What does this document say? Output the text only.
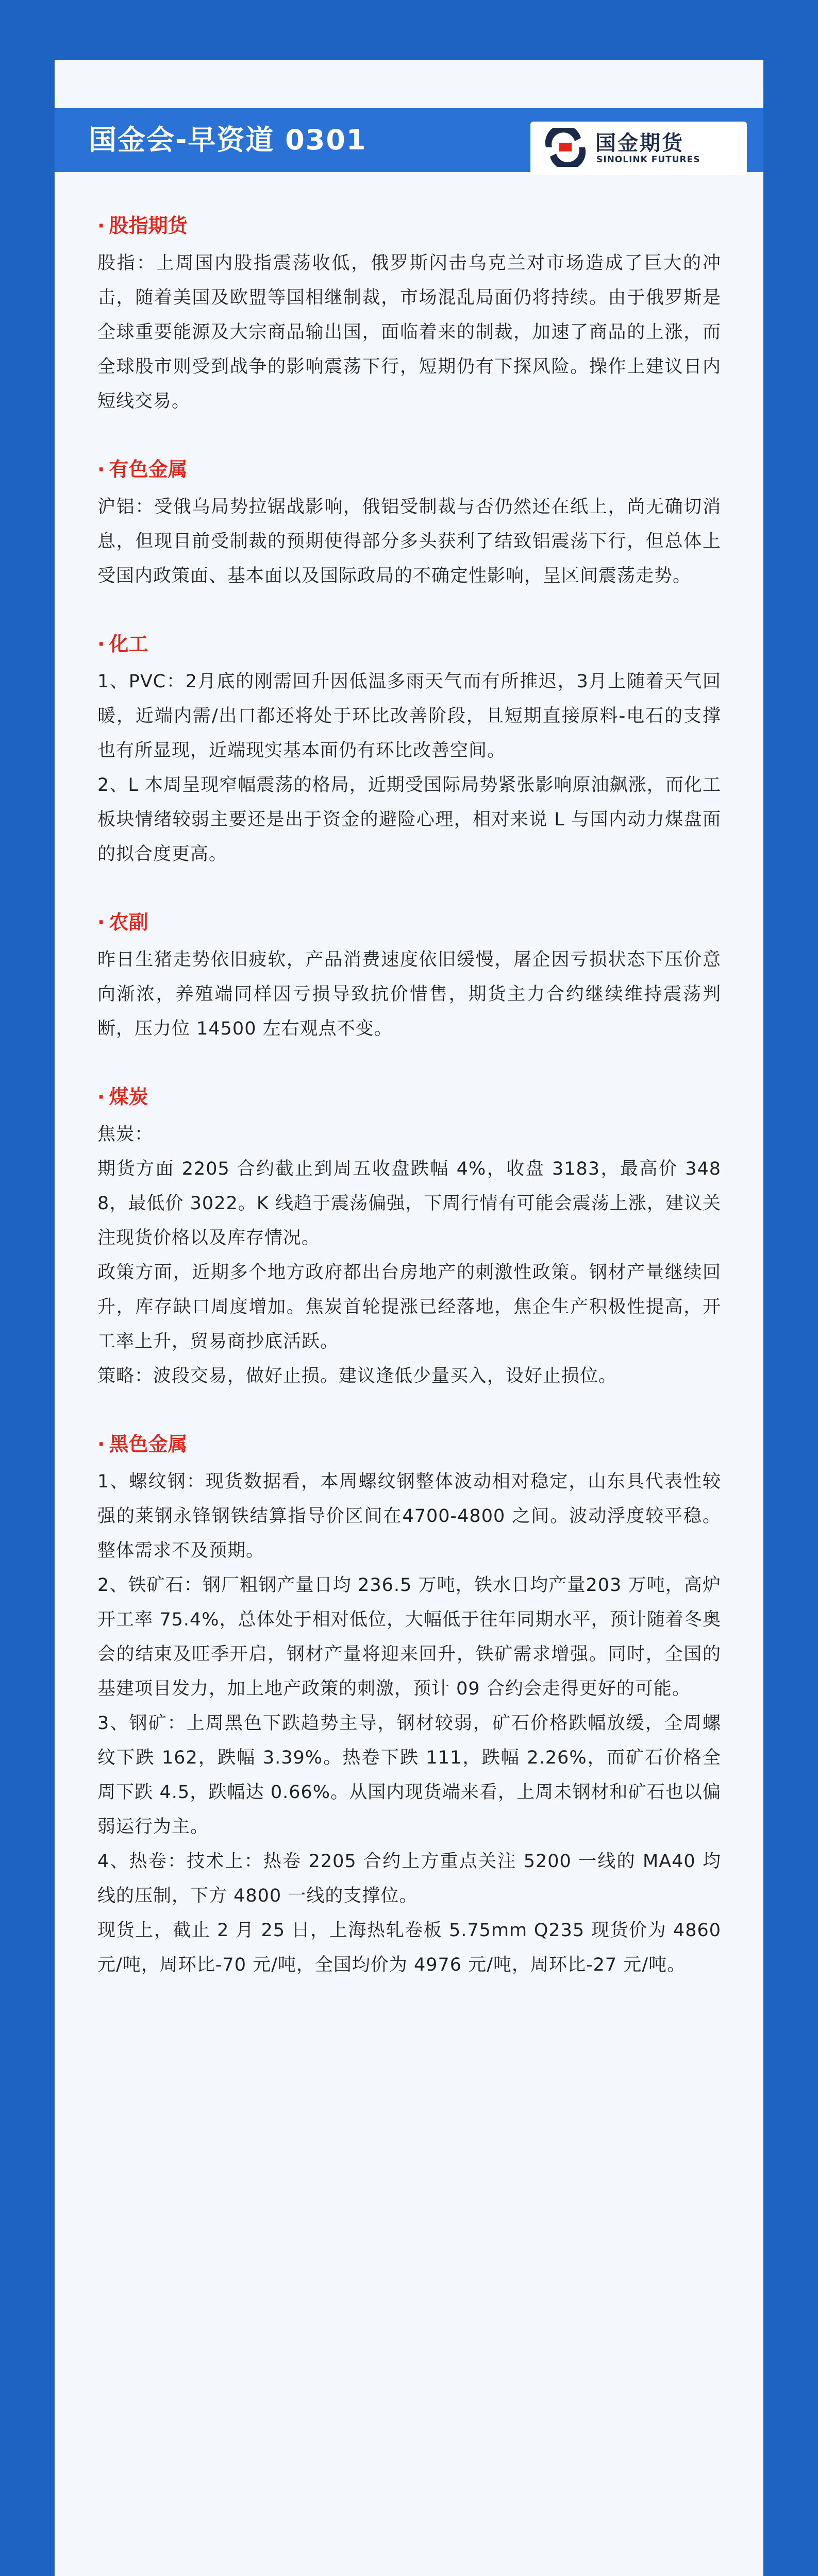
国金会-早资道 0301	国金期货
SINOLINK FUTURES
· 股指期货
股指：上周国内股指震荡收低，俄罗斯闪击乌克兰对市场造成了巨大的冲击，随着美国及欧盟等国相继制裁，市场混乱局面仍将持续。由于俄罗斯是全球重要能源及大宗商品输出国，面临着来的制裁，加速了商品的上涨，而全球股市则受到战争的影响震荡下行，短期仍有下探风险。操作上建议日内短线交易。
· 有色金属
沪铝：受俄乌局势拉锯战影响，俄铝受制裁与否仍然还在纸上，尚无确切消息，但现目前受制裁的预期使得部分多头获利了结致铝震荡下行，但总体上受国内政策面、基本面以及国际政局的不确定性影响，呈区间震荡走势。
· 化工
1、PVC：2月底的刚需回升因低温多雨天气而有所推迟，3月上随着天气回暖，近端内需/出口都还将处于环比改善阶段，且短期直接原料-电石的支撑也有所显现，近端现实基本面仍有环比改善空间。
2、L 本周呈现窄幅震荡的格局，近期受国际局势紧张影响原油飙涨，而化工板块情绪较弱主要还是出于资金的避险心理，相对来说 L 与国内动力煤盘面的拟合度更高。
· 农副
昨日生猪走势依旧疲软，产品消费速度依旧缓慢，屠企因亏损状态下压价意向渐浓，养殖端同样因亏损导致抗价惜售，期货主力合约继续维持震荡判断，压力位 14500 左右观点不变。
· 煤炭
焦炭：
期货方面 2205 合约截止到周五收盘跌幅 4%，收盘 3183，最高价 3488，最低价 3022。K 线趋于震荡偏强，下周行情有可能会震荡上涨，建议关注现货价格以及库存情况。
政策方面，近期多个地方政府都出台房地产的刺激性政策。钢材产量继续回升，库存缺口周度增加。焦炭首轮提涨已经落地，焦企生产积极性提高，开工率上升，贸易商抄底活跃。
策略：波段交易，做好止损。建议逢低少量买入，设好止损位。
· 黑色金属
1、螺纹钢：现货数据看，本周螺纹钢整体波动相对稳定，山东具代表性较强的莱钢永锋钢铁结算指导价区间在4700-4800 之间。波动浮度较平稳。整体需求不及预期。
2、铁矿石：钢厂粗钢产量日均 236.5 万吨，铁水日均产量203 万吨，高炉开工率 75.4%，总体处于相对低位，大幅低于往年同期水平，预计随着冬奥会的结束及旺季开启，钢材产量将迎来回升，铁矿需求增强。同时，全国的基建项目发力，加上地产政策的刺激，预计 09 合约会走得更好的可能。
3、钢矿：上周黑色下跌趋势主导，钢材较弱，矿石价格跌幅放缓，全周螺纹下跌 162，跌幅 3.39%。热卷下跌 111，跌幅 2.26%，而矿石价格全周下跌 4.5，跌幅达 0.66%。从国内现货端来看，上周未钢材和矿石也以偏弱运行为主。
4、热卷：技术上：热卷 2205 合约上方重点关注 5200 一线的 MA40 均线的压制，下方 4800 一线的支撑位。
现货上，截止 2 月 25 日，上海热轧卷板 5.75mm Q235 现货价为 4860 元/吨，周环比-70 元/吨，全国均价为 4976 元/吨，周环比-27 元/吨。
